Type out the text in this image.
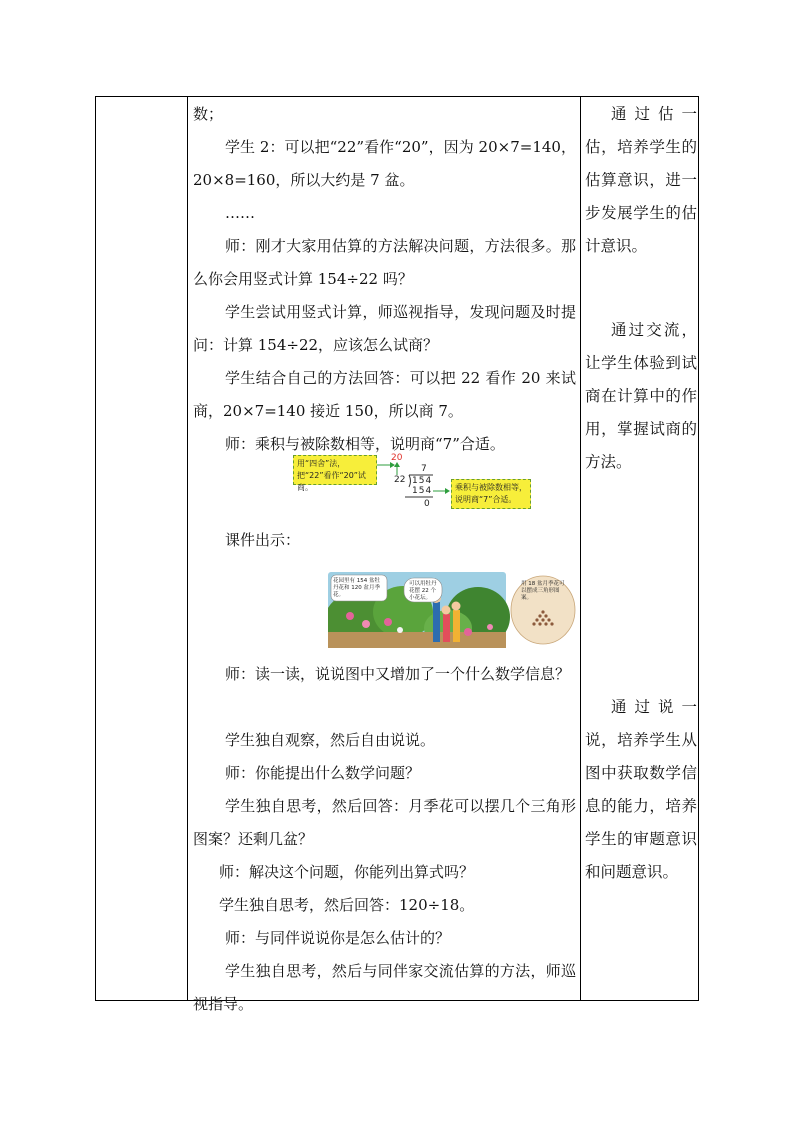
数；

学生 2：可以把“22”看作“20”，因为 20×7=140，20×8=160，所以大约是 7 盆。

……

师：刚才大家用估算的方法解决问题，方法很多。那么你会用竖式计算 154÷22 吗？

学生尝试用竖式计算，师巡视指导，发现问题及时提问：计算 154÷22，应该怎么试商？

学生结合自己的方法回答：可以把 22 看作 20 来试商，20×7=140 接近 150，所以商 7。

师：乘积与被除数相等，说明商“7”合适。

用“四舍”法，把“22”看作“20”试商。
20
7
22 154
154
0
乘积与被除数相等，说明商“7”合适。

课件出示：

花园里有 154 盆牡丹花和 120 盆月季花。
可以用牡丹花摆 22 个小花坛。
用 18 盆月季花可以摆成三角形图案。

师：读一读，说说图中又增加了一个什么数学信息？

学生独自观察，然后自由说说。

师：你能提出什么数学问题？

学生独自思考，然后回答：月季花可以摆几个三角形图案？还剩几盆？

师：解决这个问题，你能列出算式吗？

学生独自思考，然后回答：120÷18。

师：与同伴说说你是怎么估计的？

学生独自思考，然后与同伴家交流估算的方法，师巡视指导。

通过估一估，培养学生的估算意识，进一步发展学生的估计意识。

通过交流，让学生体验到试商在计算中的作用，掌握试商的方法。

通过说一说，培养学生从图中获取数学信息的能力，培养学生的审题意识和问题意识。
